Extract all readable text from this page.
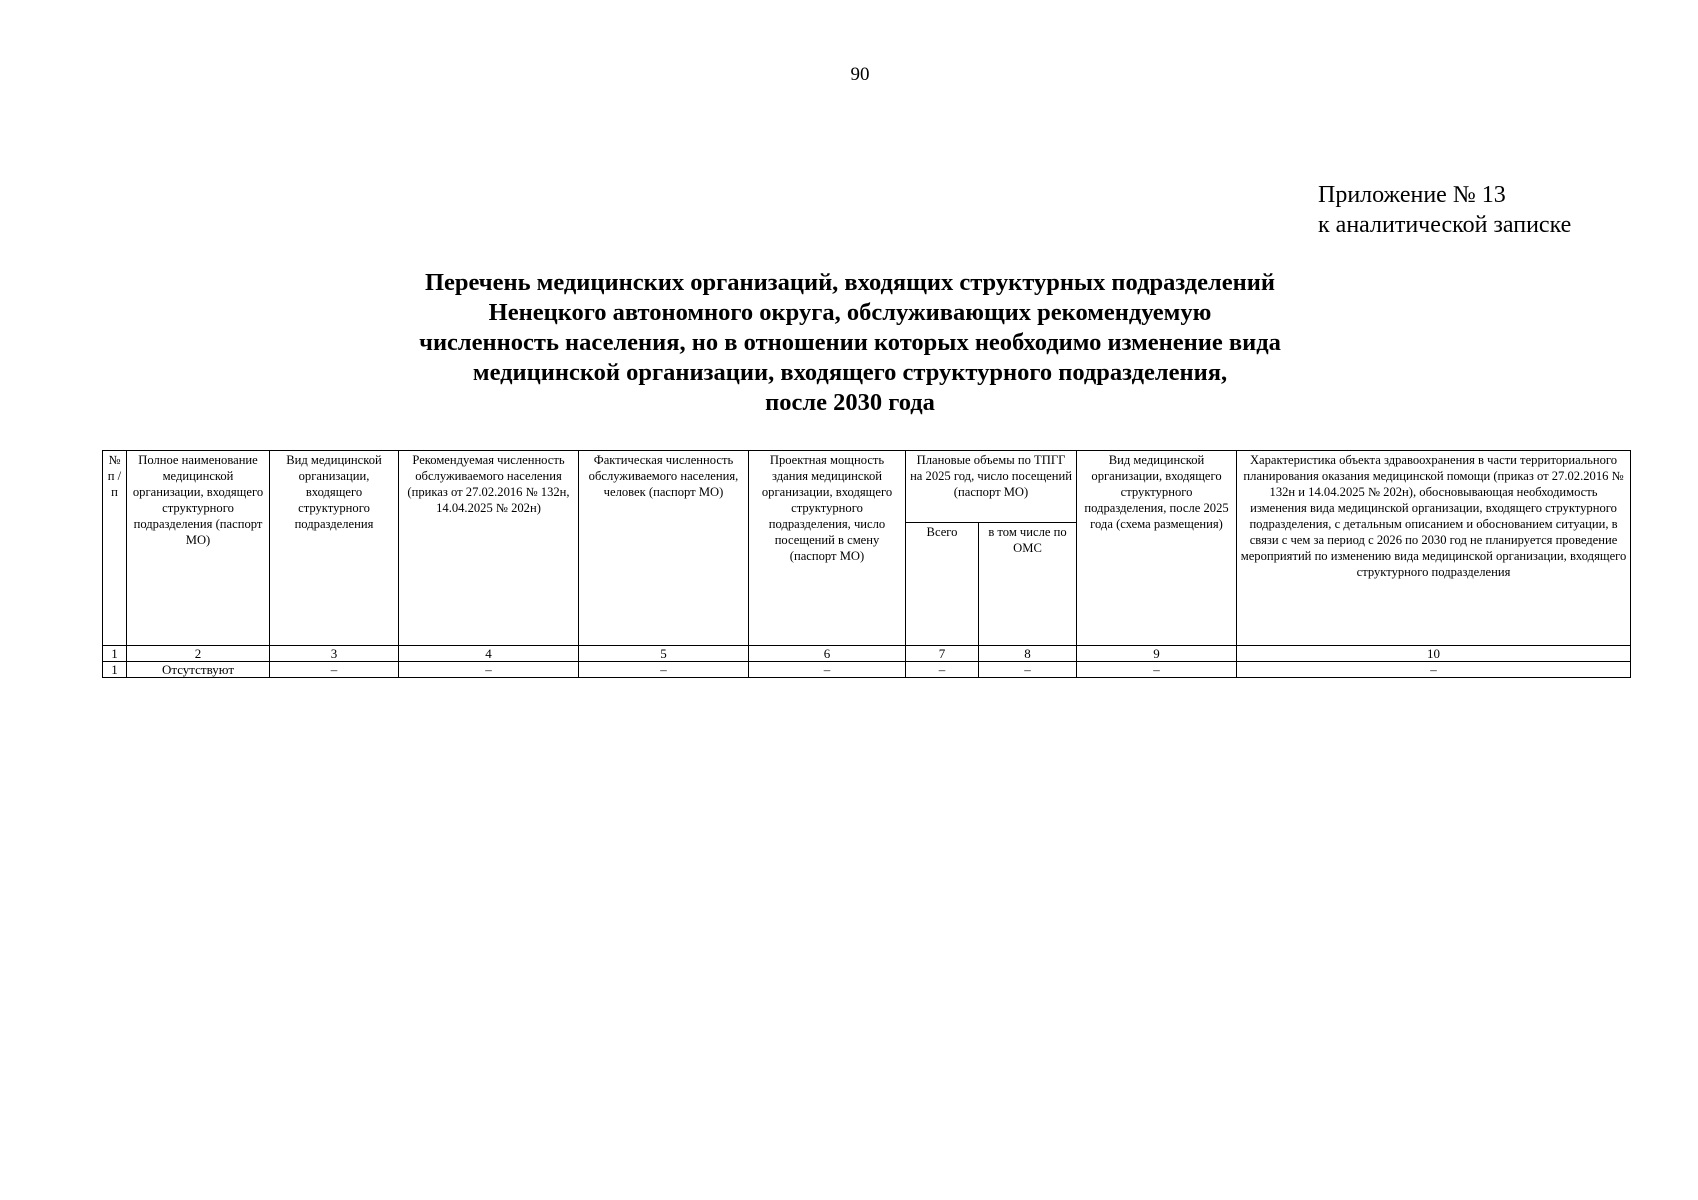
90
Приложение № 13
к аналитической записке
Перечень медицинских организаций, входящих структурных подразделений
Ненецкого автономного округа, обслуживающих рекомендуемую
численность населения, но в отношении которых необходимо изменение вида
медицинской организации, входящего структурного подразделения,
после 2030 года
№ п / п	Полное наименование медицинской организации, входящего структурного подразделения (паспорт МО)	Вид медицинской организации, входящего структурного подразделения	Рекомендуемая численность обслуживаемого населения (приказ от 27.02.2016 № 132н, 14.04.2025 № 202н)	Фактическая численность обслуживаемого населения, человек (паспорт МО)	Проектная мощность здания медицинской организации, входящего структурного подразделения, число посещений в смену (паспорт МО)	Плановые объемы по ТПГГ на 2025 год, число посещений (паспорт МО)		Вид медицинской организации, входящего структурного подразделения, после 2025 года (схема размещения)	Характеристика объекта здравоохранения в части территориального планирования оказания медицинской помощи (приказ от 27.02.2016 № 132н и 14.04.2025 № 202н), обосновывающая необходимость изменения вида медицинской организации, входящего структурного подразделения, с детальным описанием и обоснованием ситуации, в связи с чем за период с 2026 по 2030 год не планируется проведение мероприятий по изменению вида медицинской организации, входящего структурного подразделения
						Всего	в том числе по ОМС		
1	2	3	4	5	6	7	8	9	10
1	Отсутствуют	–	–	–	–	–	–	–	–
